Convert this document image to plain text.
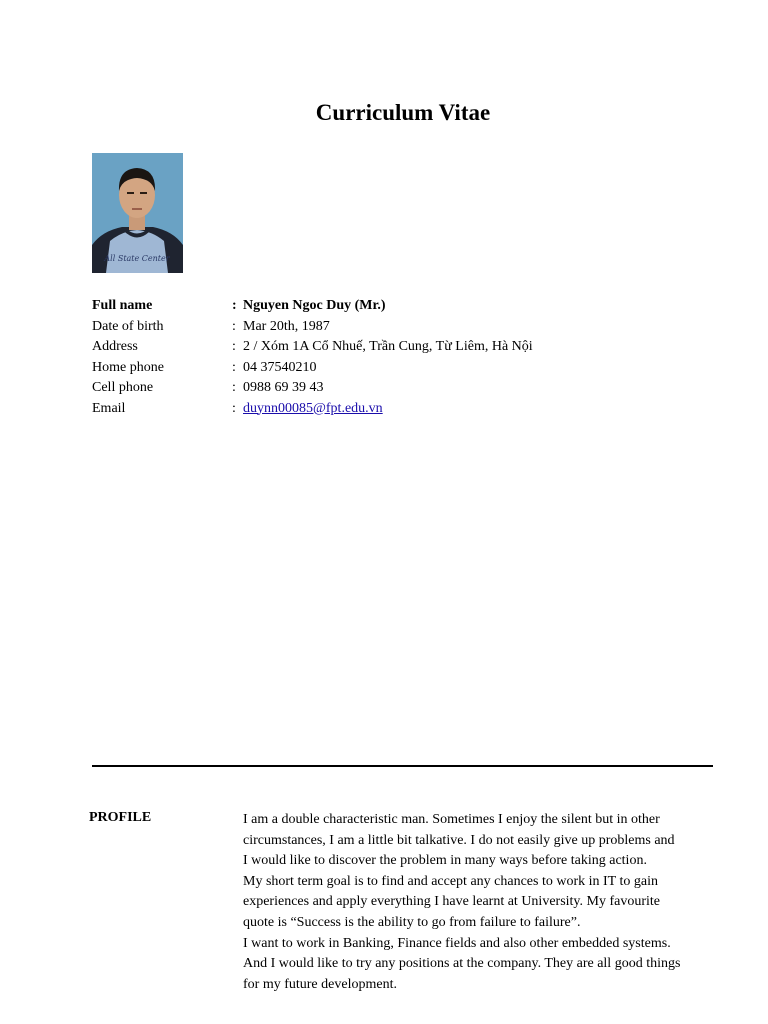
Curriculum Vitae
All State Center
Full name	: Nguyen Ngoc Duy (Mr.)
Date of birth	: Mar 20th, 1987
Address	: 2 / Xóm 1A Cổ Nhuế, Trần Cung, Từ Liêm, Hà Nội
Home phone	: 04 37540210
Cell phone	: 0988 69 39 43
Email	: duynn00085@fpt.edu.vn
PROFILE	I am a double characteristic man. Sometimes I enjoy the silent but in other
circumstances, I am a little bit talkative. I do not easily give up problems and
I would like to discover the problem in many ways before taking action.
My short term goal is to find and accept any chances to work in IT to gain
experiences and apply everything I have learnt at University. My favourite
quote is “Success is the ability to go from failure to failure”.
I want to work in Banking, Finance fields and also other embedded systems.
And I would like to try any positions at the company. They are all good things
for my future development.
